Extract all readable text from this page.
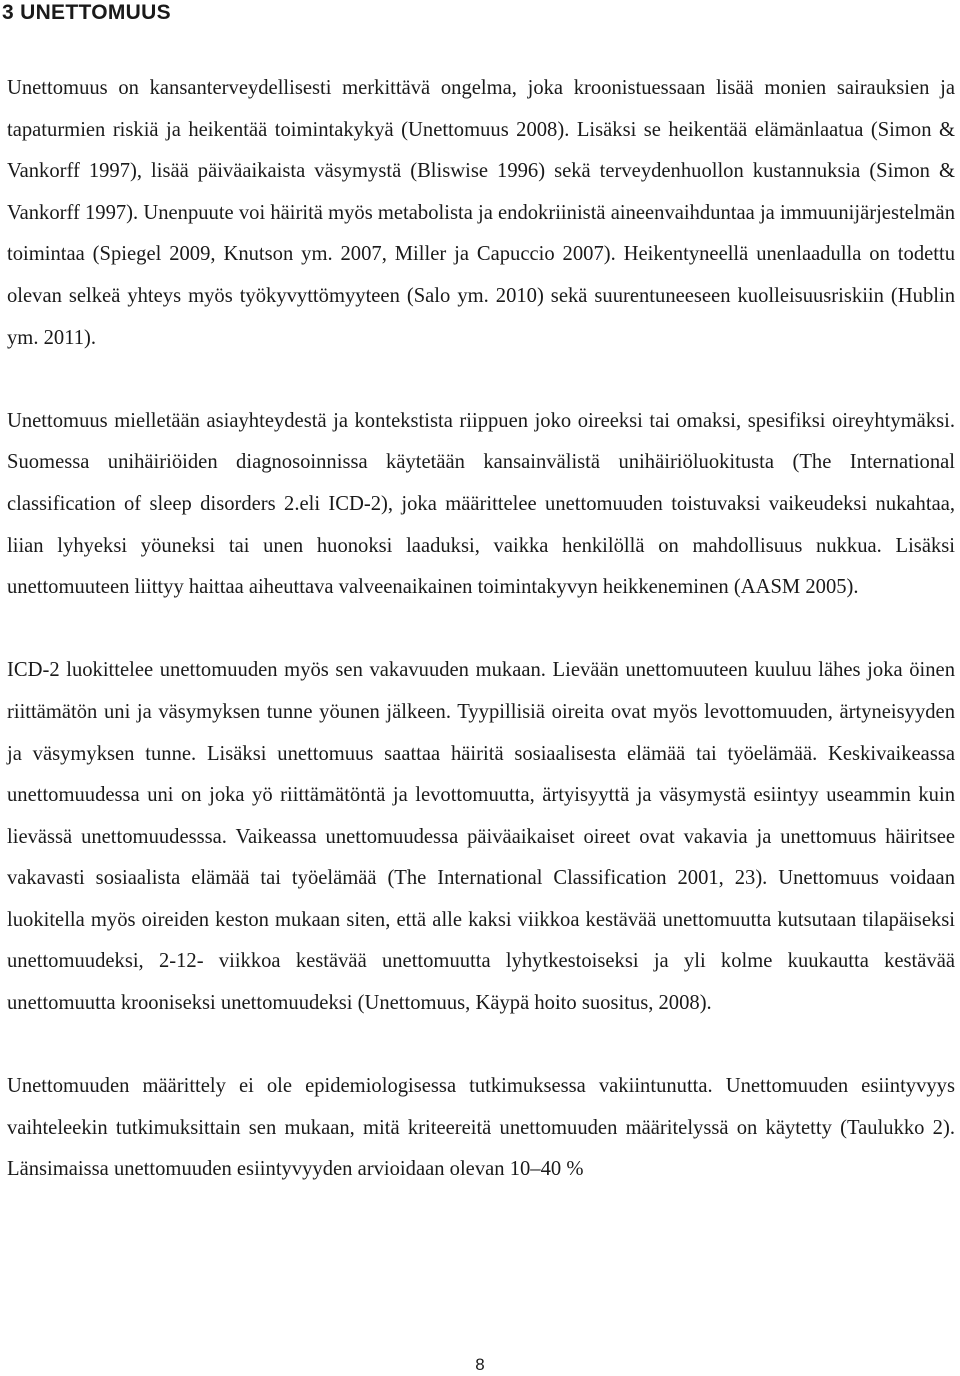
3 UNETTOMUUS

Unettomuus on kansanterveydellisesti merkittävä ongelma, joka kroonistuessaan lisää monien sairauksien ja tapaturmien riskiä ja heikentää toimintakykyä (Unettomuus 2008). Lisäksi se heikentää elämänlaatua (Simon & Vankorff 1997), lisää päiväaikaista väsymystä (Bliswise 1996) sekä terveydenhuollon kustannuksia (Simon & Vankorff 1997). Unenpuute voi häiritä myös metabolista ja endokriinistä aineenvaihduntaa ja immuunijärjestelmän toimintaa (Spiegel 2009, Knutson ym. 2007, Miller ja Capuccio 2007). Heikentyneellä unenlaadulla on todettu olevan selkeä yhteys myös työkyvyttömyyteen (Salo ym. 2010) sekä suurentuneeseen kuolleisuusriskiin (Hublin ym. 2011).

Unettomuus mielletään asiayhteydestä ja kontekstista riippuen joko oireeksi tai omaksi, spesifiksi oireyhtymäksi. Suomessa unihäiriöiden diagnosoinnissa käytetään kansainvälistä unihäiriöluokitusta (The International classification of sleep disorders 2.eli ICD-2), joka määrittelee unettomuuden toistuvaksi vaikeudeksi nukahtaa, liian lyhyeksi yöuneksi tai unen huonoksi laaduksi, vaikka henkilöllä on mahdollisuus nukkua. Lisäksi unettomuuteen liittyy haittaa aiheuttava valveenaikainen toimintakyvyn heikkeneminen (AASM 2005).

ICD-2 luokittelee unettomuuden myös sen vakavuuden mukaan. Lievään unettomuuteen kuuluu lähes joka öinen riittämätön uni ja väsymyksen tunne yöunen jälkeen. Tyypillisiä oireita ovat myös levottomuuden, ärtyneisyyden ja väsymyksen tunne. Lisäksi unettomuus saattaa häiritä sosiaalisesta elämää tai työelämää. Keskivaikeassa unettomuudessa uni on joka yö riittämätöntä ja levottomuutta, ärtyisyyttä ja väsymystä esiintyy useammin kuin lievässä unettomuudesssa. Vaikeassa unettomuudessa päiväaikaiset oireet ovat vakavia ja unettomuus häiritsee vakavasti sosiaalista elämää tai työelämää (The International Classification 2001, 23). Unettomuus voidaan luokitella myös oireiden keston mukaan siten, että alle kaksi viikkoa kestävää unettomuutta kutsutaan tilapäiseksi unettomuudeksi, 2-12- viikkoa kestävää unettomuutta lyhytkestoiseksi ja yli kolme kuukautta kestävää unettomuutta krooniseksi unettomuudeksi (Unettomuus, Käypä hoito suositus, 2008).

Unettomuuden määrittely ei ole epidemiologisessa tutkimuksessa vakiintunutta. Unettomuuden esiintyvyys vaihteleekin tutkimuksittain sen mukaan, mitä kriteereitä unettomuuden määritelyssä on käytetty (Taulukko 2). Länsimaissa unettomuuden esiintyvyyden arvioidaan olevan 10–40 %

8
